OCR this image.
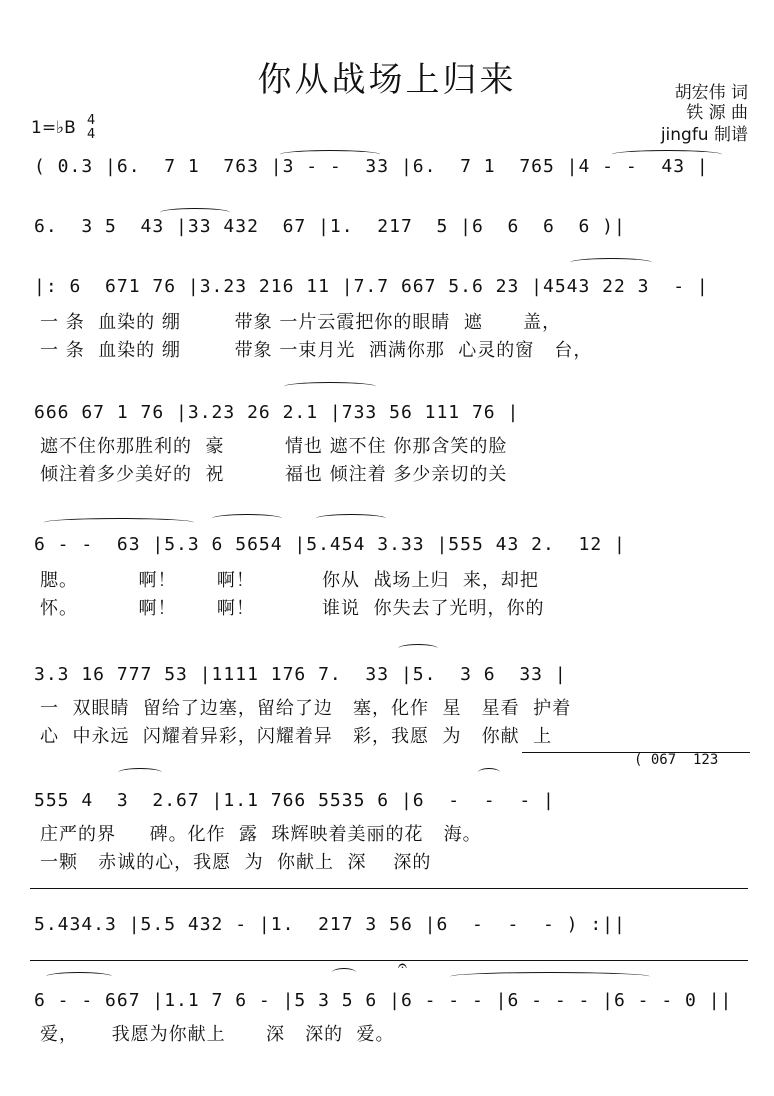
你从战场上归来	胡宏伟 词
铁 源 曲
jingfu 制谱
1=♭B 4
4
( 0.3 |6.  7 1  763 |3 - -  33 |6.  7 1  765 |4 - -  43 |
6.  3 5  43 |33 432  67 |1.  217  5 |6  6  6  6 )|
|: 6  671 76 |3.23 216 11 |7.7 667 5.6 23 |4543 22 3  - |
一 条  血染的 绷        带象 一片云霞把你的眼睛  遮      盖，
一 条  血染的 绷        带象 一束月光  洒满你那  心灵的窗   台，
666 67 1 76 |3.23 26 2.1 |733 56 111 76 |
遮不住你那胜利的  豪         情也 遮不住 你那含笑的脸
倾注着多少美好的  祝         福也 倾注着 多少亲切的关
6 - -  63 |5.3 6 5654 |5.454 3.33 |555 43 2.  12 |
腮。         啊！      啊！          你从  战场上归  来，却把
怀。         啊！      啊！          谁说  你失去了光明，你的
3.3 16 777 53 |1111 176 7.  33 |5.  3 6  33 |
一  双眼睛  留给了边塞，留给了边   塞，化作  星   星看  护着
心  中永远  闪耀着异彩，闪耀着异   彩，我愿  为   你献  上
( 067  123
555 4  3  2.67 |1.1 766 5535 6 |6  -  -  - |
庄严的界     碑。化作  露  珠辉映着美丽的花   海。
一颗   赤诚的心，我愿  为  你献上  深    深的
5.434.3 |5.5 432 - |1.  217 3 56 |6  -  -  - ) :||
6 - - 667 |1.1 7 6 - |5 3 5 6 |6 - - - |6 - - - |6 - - 0 ||
𝄐
爱，     我愿为你献上      深   深的  爱。
